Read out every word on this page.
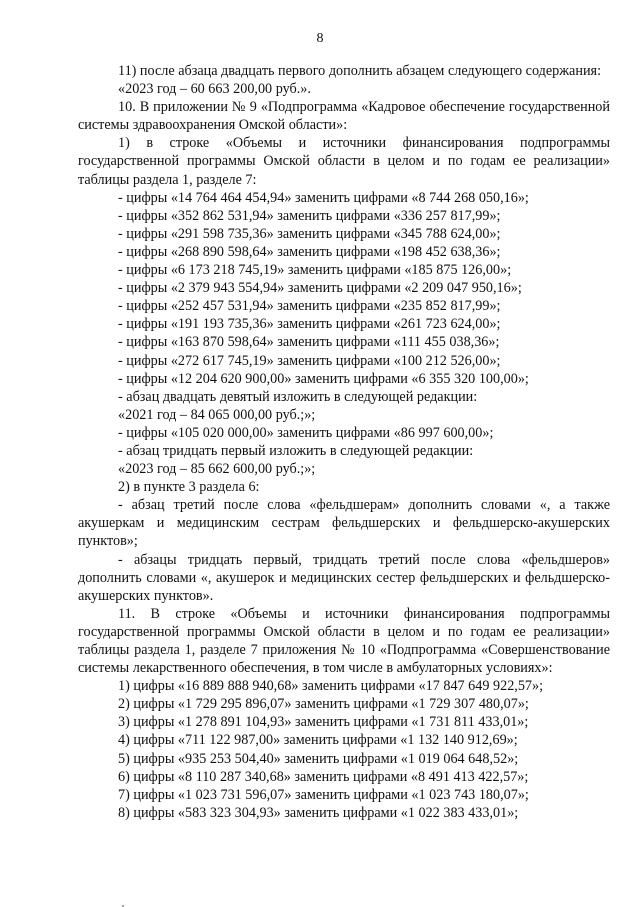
8

11) после абзаца двадцать первого дополнить абзацем следующего содержания:

«2023 год – 60 663 200,00 руб.».

10. В приложении № 9 «Подпрограмма «Кадровое обеспечение государственной системы здравоохранения Омской области»:

1) в строке «Объемы и источники финансирования подпрограммы государственной программы Омской области в целом и по годам ее реализации» таблицы раздела 1, разделе 7:

- цифры «14 764 464 454,94» заменить цифрами «8 744 268 050,16»;

- цифры «352 862 531,94» заменить цифрами «336 257 817,99»;

- цифры «291 598 735,36» заменить цифрами «345 788 624,00»;

- цифры «268 890 598,64» заменить цифрами «198 452 638,36»;

- цифры «6 173 218 745,19» заменить цифрами «185 875 126,00»;

- цифры «2 379 943 554,94» заменить цифрами «2 209 047 950,16»;

- цифры «252 457 531,94» заменить цифрами «235 852 817,99»;

- цифры «191 193 735,36» заменить цифрами «261 723 624,00»;

- цифры «163 870 598,64» заменить цифрами «111 455 038,36»;

- цифры «272 617 745,19» заменить цифрами «100 212 526,00»;

- цифры «12 204 620 900,00» заменить цифрами «6 355 320 100,00»;

- абзац двадцать девятый изложить в следующей редакции:

«2021 год – 84 065 000,00 руб.;»;

- цифры «105 020 000,00» заменить цифрами «86 997 600,00»;

- абзац тридцать первый изложить в следующей редакции:

«2023 год – 85 662 600,00 руб.;»;

2) в пункте 3 раздела 6:

- абзац третий после слова «фельдшерам» дополнить словами «, а также акушеркам и медицинским сестрам фельдшерских и фельдшерско-акушерских пунктов»;

- абзацы тридцать первый, тридцать третий после слова «фельдшеров» дополнить словами «, акушерок и медицинских сестер фельдшерских и фельдшерско-акушерских пунктов».

11. В строке «Объемы и источники финансирования подпрограммы государственной программы Омской области в целом и по годам ее реализации» таблицы раздела 1, разделе 7 приложения № 10 «Подпрограмма «Совершенствование системы лекарственного обеспечения, в том числе в амбулаторных условиях»:

1) цифры «16 889 888 940,68» заменить цифрами «17 847 649 922,57»;

2) цифры «1 729 295 896,07» заменить цифрами «1 729 307 480,07»;

3) цифры «1 278 891 104,93» заменить цифрами «1 731 811 433,01»;

4) цифры «711 122 987,00» заменить цифрами «1 132 140 912,69»;

5) цифры «935 253 504,40» заменить цифрами «1 019 064 648,52»;

6) цифры «8 110 287 340,68» заменить цифрами «8 491 413 422,57»;

7) цифры «1 023 731 596,07» заменить цифрами «1 023 743 180,07»;

8) цифры «583 323 304,93» заменить цифрами «1 022 383 433,01»;
